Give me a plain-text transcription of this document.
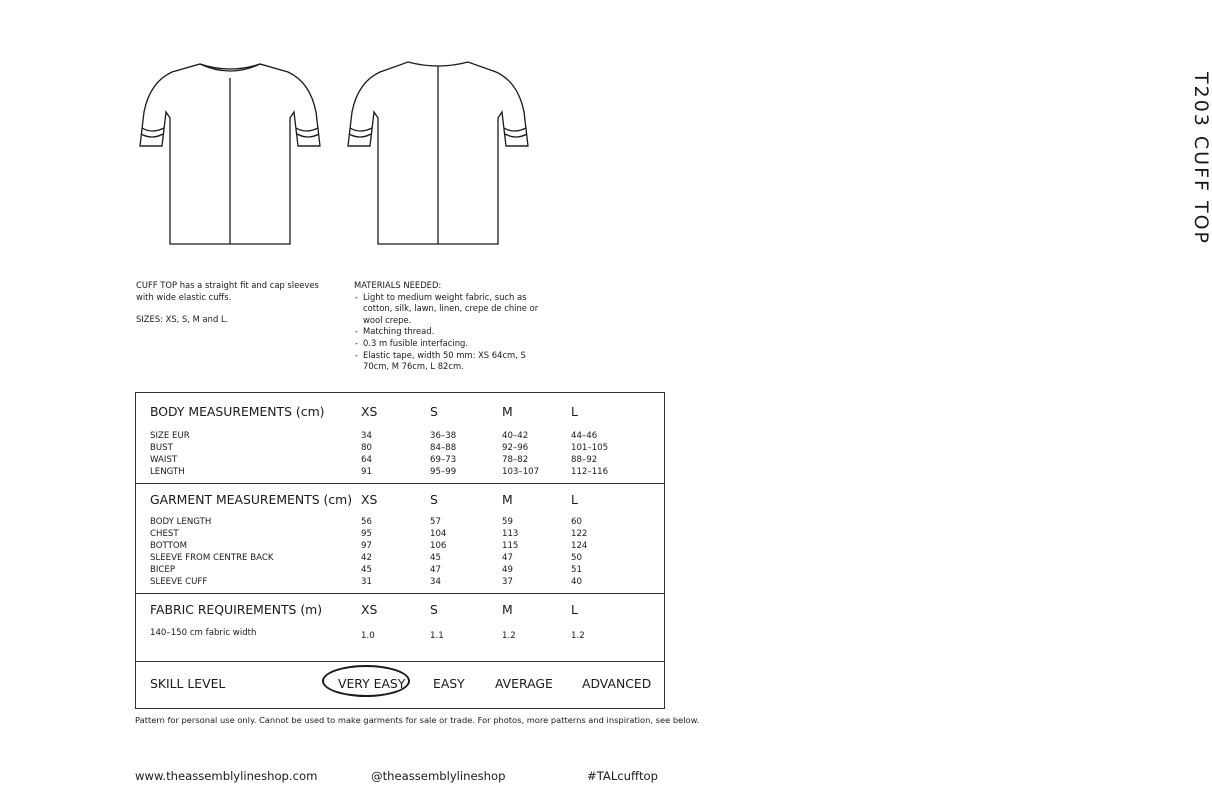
T203 CUFF TOP
CUFF TOP has a straight fit and cap sleeves with wide elastic cuffs.
SIZES: XS, S, M and L.
MATERIALS NEEDED:
- Light to medium weight fabric, such as cotton, silk, lawn, linen, crepe de chine or wool crepe.
- Matching thread.
- 0.3 m fusible interfacing.
- Elastic tape, width 50 mm: XS 64cm, S 70cm, M 76cm, L 82cm.
BODY MEASUREMENTS (cm)	XS	S	M	L
SIZE EUR	34	36–38	40–42	44–46
BUST	80	84–88	92–96	101–105
WAIST	64	69–73	78–82	88–92
LENGTH	91	95–99	103–107	112–116
GARMENT MEASUREMENTS (cm) XS	S	M	L
BODY LENGTH	56	57	59	60
CHEST	95	104	113	122
BOTTOM	97	106	115	124
SLEEVE FROM CENTRE BACK	42	45	47	50
BICEP	45	47	49	51
SLEEVE CUFF	31	34	37	40
FABRIC REQUIREMENTS (m)	XS	S	M	L
140–150 cm fabric width	1.0	1.1	1.2	1.2
SKILL LEVEL	VERY EASY EASY AVERAGE ADVANCED
Pattern for personal use only. Cannot be used to make garments for sale or trade. For photos, more patterns and inspiration, see below.
www.theassemblylineshop.com	@theassemblylineshop	#TALcufftop
